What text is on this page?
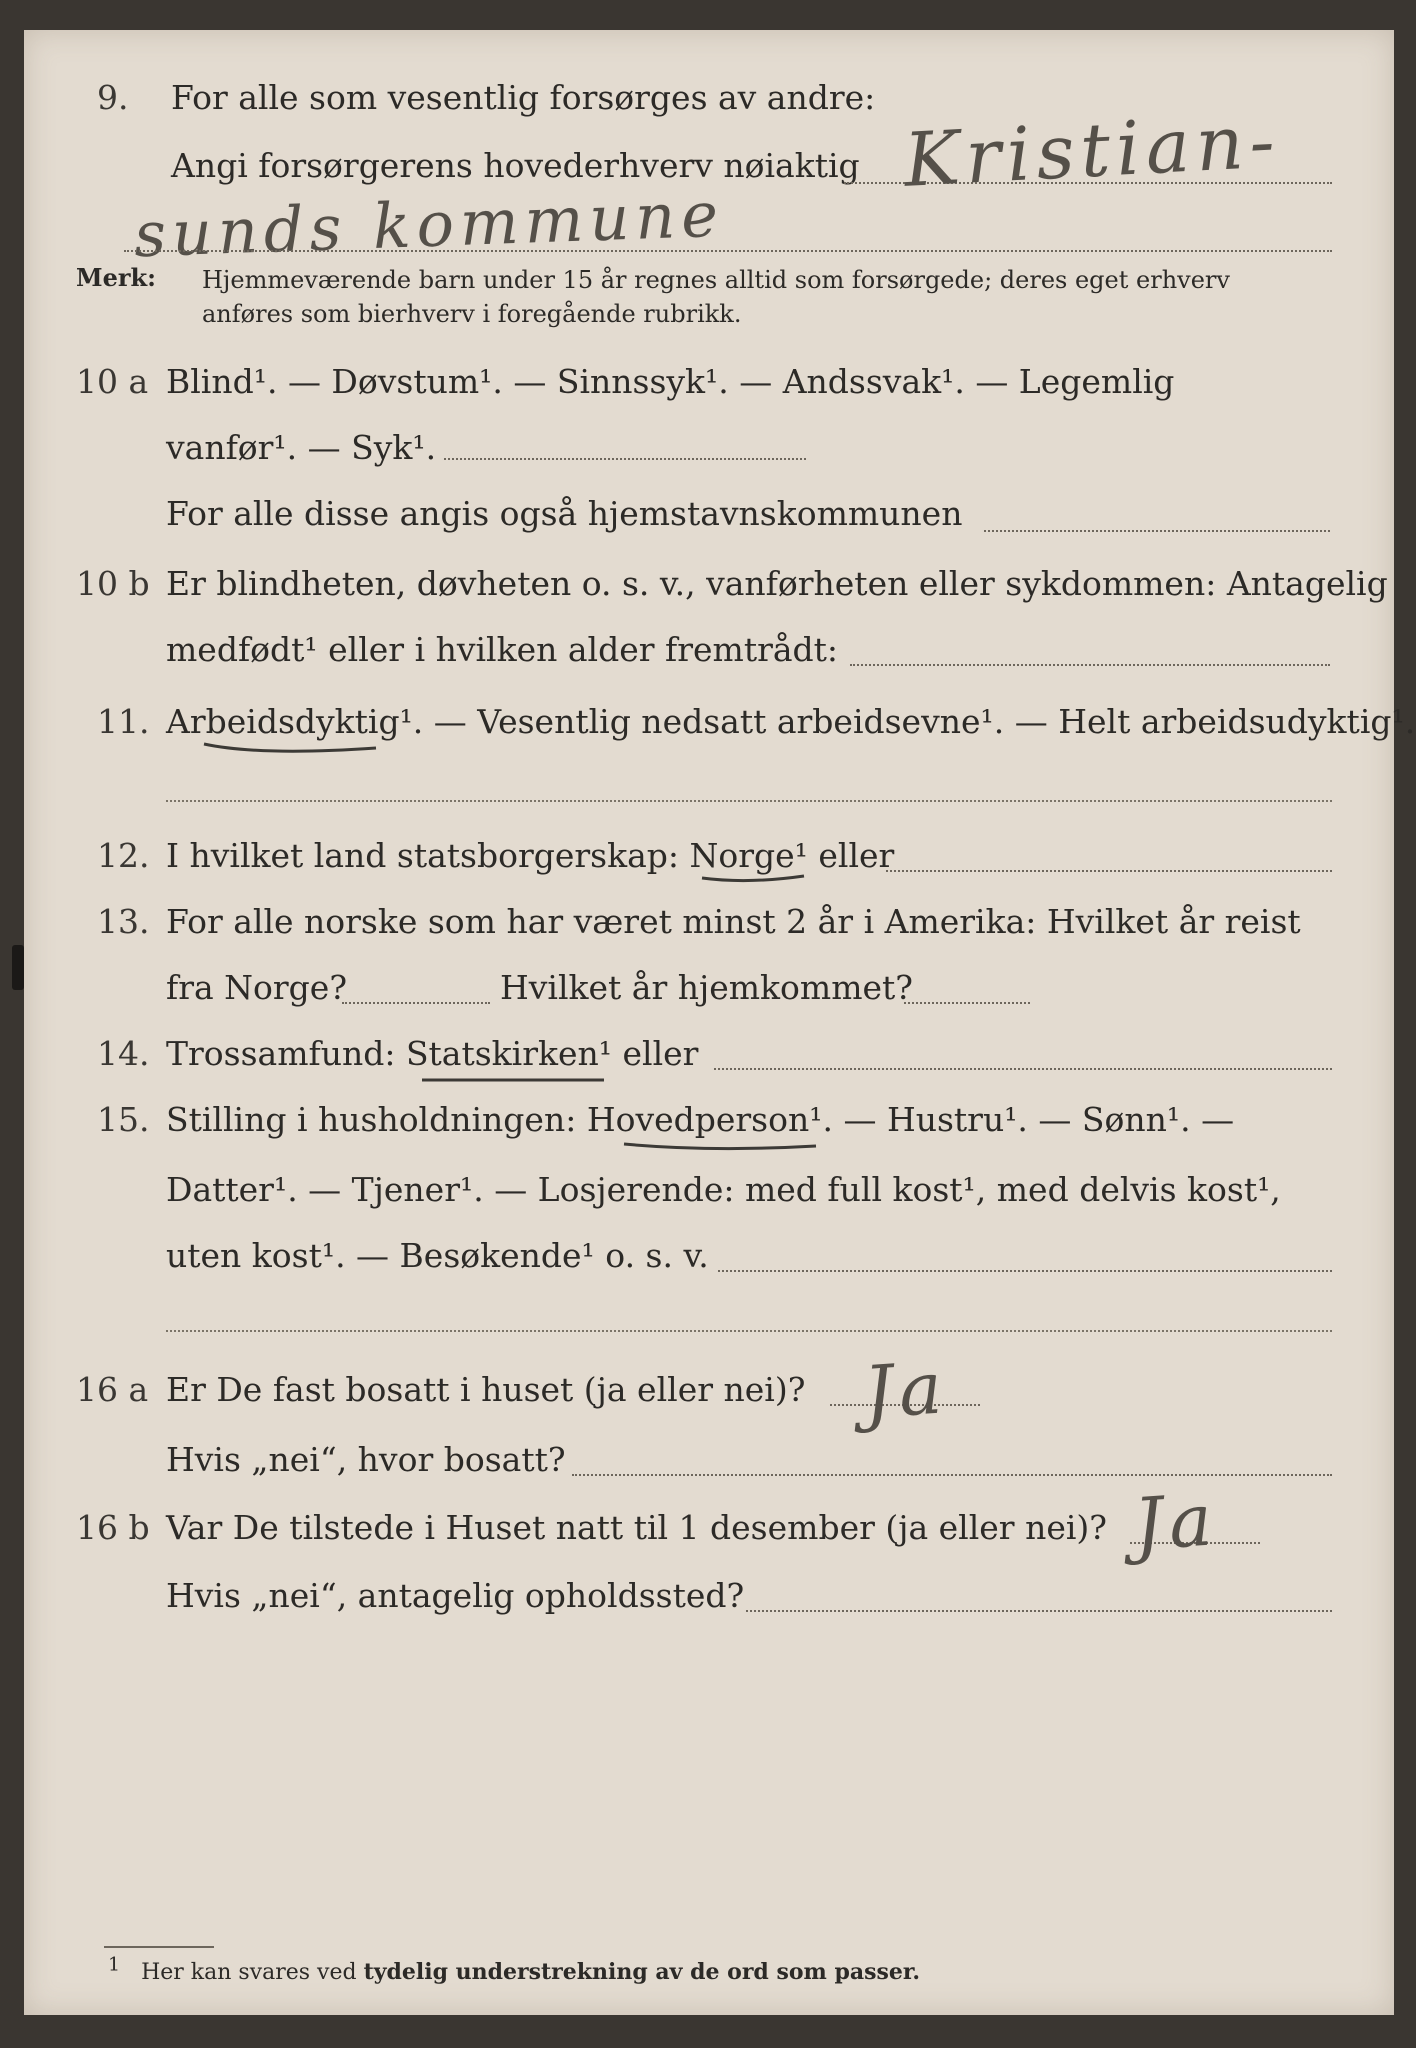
9. For alle som vesentlig forsørges av andre:
Angi forsørgerens hovederhverv nøiaktig Kristian-
sunds kommune
Merk: Hjemmeværende barn under 15 år regnes alltid som forsørgede; deres eget erhverv
anføres som bierhverv i foregående rubrikk.
10 a Blind¹. — Døvstum¹. — Sinnssyk¹. — Andssvak¹. — Legemlig
vanfør¹. — Syk¹.
For alle disse angis også hjemstavnskommunen
10 b Er blindheten, døvheten o. s. v., vanførheten eller sykdommen: Antagelig
medfødt¹ eller i hvilken alder fremtrådt:
11. Arbeidsdyktig¹. — Vesentlig nedsatt arbeidsevne¹. — Helt arbeidsudyktig¹.
12. I hvilket land statsborgerskap: Norge¹ eller
13. For alle norske som har været minst 2 år i Amerika: Hvilket år reist
fra Norge?	Hvilket år hjemkommet?
14. Trossamfund: Statskirken¹ eller
15. Stilling i husholdningen: Hovedperson¹. — Hustru¹. — Sønn¹. —
Datter¹. — Tjener¹. — Losjerende: med full kost¹, med delvis kost¹,
uten kost¹. — Besøkende¹ o. s. v.
16 a Er De fast bosatt i huset (ja eller nei)? Ja
Hvis „nei“, hvor bosatt?
16 b Var De tilstede i Huset natt til 1 desember (ja eller nei)? Ja
Hvis „nei“, antagelig opholdssted?
1 Her kan svares ved tydelig understrekning av de ord som passer.
